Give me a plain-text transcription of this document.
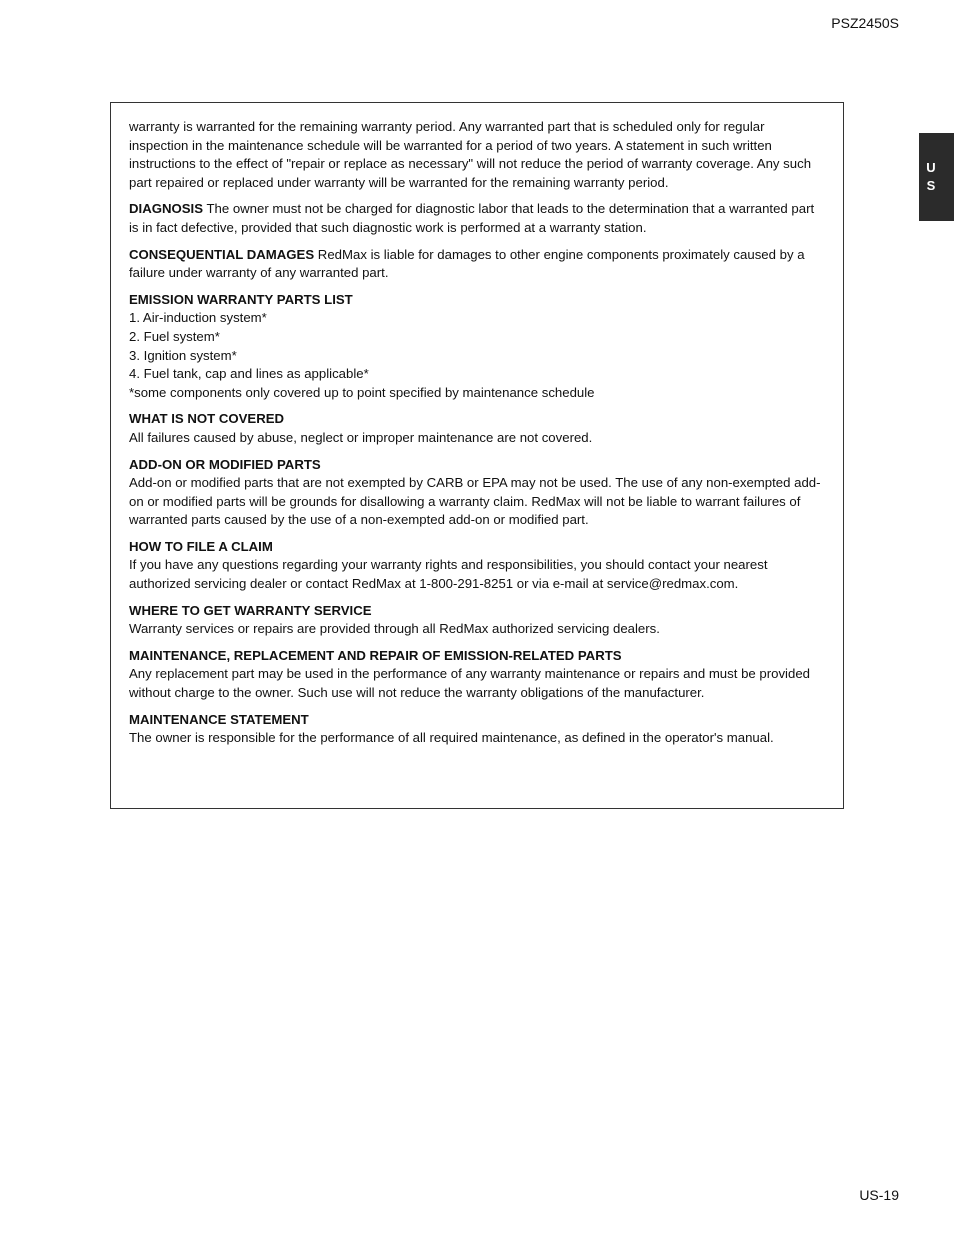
PSZ2450S
U
S

warranty is warranted for the remaining warranty period. Any warranted part that is scheduled only for regular inspection in the maintenance schedule will be warranted for a period of two years. A statement in such written instructions to the effect of "repair or replace as necessary" will not reduce the period of warranty coverage. Any such part repaired or replaced under warranty will be warranted for the remaining warranty period.

DIAGNOSIS The owner must not be charged for diagnostic labor that leads to the determination that a warranted part is in fact defective, provided that such diagnostic work is performed at a warranty station.

CONSEQUENTIAL DAMAGES RedMax is liable for damages to other engine components proximately caused by a failure under warranty of any warranted part.

EMISSION WARRANTY PARTS LIST
1. Air-induction system*
2. Fuel system*
3. Ignition system*
4. Fuel tank, cap and lines as applicable*
*some components only covered up to point specified by maintenance schedule
WHAT IS NOT COVERED
All failures caused by abuse, neglect or improper maintenance are not covered.
ADD-ON OR MODIFIED PARTS
Add-on or modified parts that are not exempted by CARB or EPA may not be used. The use of any non-exempted add-on or modified parts will be grounds for disallowing a warranty claim. RedMax will not be liable to warrant failures of warranted parts caused by the use of a non-exempted add-on or modified part.
HOW TO FILE A CLAIM
If you have any questions regarding your warranty rights and responsibilities, you should contact your nearest authorized servicing dealer or contact RedMax at 1-800-291-8251 or via e-mail at service@redmax.com.
WHERE TO GET WARRANTY SERVICE
Warranty services or repairs are provided through all RedMax authorized servicing dealers.
MAINTENANCE, REPLACEMENT AND REPAIR OF EMISSION-RELATED PARTS
Any replacement part may be used in the performance of any warranty maintenance or repairs and must be provided without charge to the owner. Such use will not reduce the warranty obligations of the manufacturer.
MAINTENANCE STATEMENT
The owner is responsible for the performance of all required maintenance, as defined in the operator's manual.
US-19
